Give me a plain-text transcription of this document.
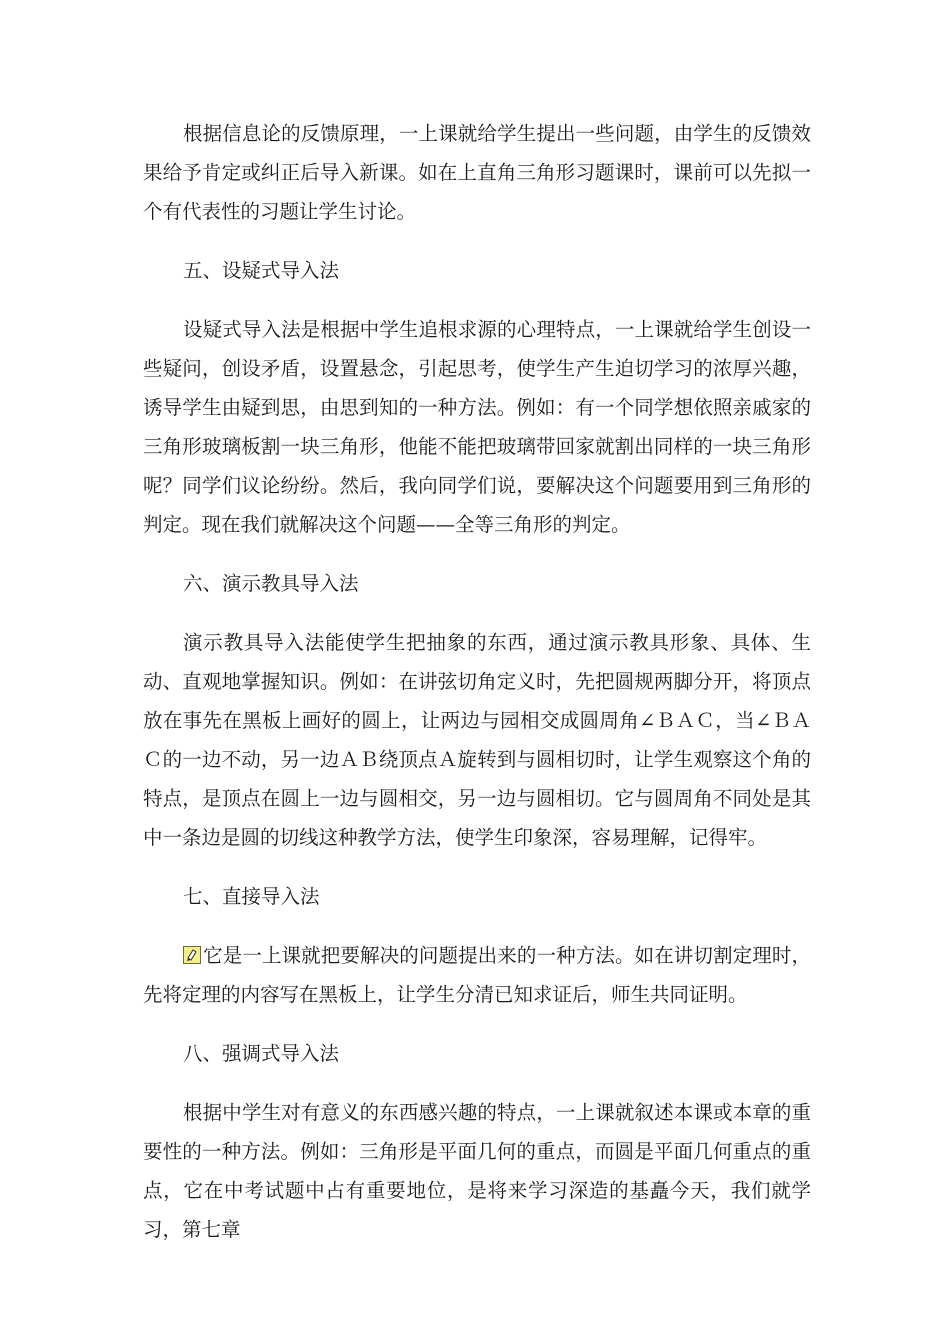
根据信息论的反馈原理，一上课就给学生提出一些问题，由学生的反馈效果给予肯定或纠正后导入新课。如在上直角三角形习题课时，课前可以先拟一个有代表性的习题让学生讨论。

五、设疑式导入法

设疑式导入法是根据中学生追根求源的心理特点，一上课就给学生创设一些疑问，创设矛盾，设置悬念，引起思考，使学生产生迫切学习的浓厚兴趣，诱导学生由疑到思，由思到知的一种方法。例如：有一个同学想依照亲戚家的三角形玻璃板割一块三角形，他能不能把玻璃带回家就割出同样的一块三角形呢？同学们议论纷纷。然后，我向同学们说，要解决这个问题要用到三角形的判定。现在我们就解决这个问题——全等三角形的判定。

六、演示教具导入法

演示教具导入法能使学生把抽象的东西，通过演示教具形象、具体、生动、直观地掌握知识。例如：在讲弦切角定义时，先把圆规两脚分开，将顶点放在事先在黑板上画好的圆上，让两边与园相交成圆周角∠ＢＡＣ，当∠ＢＡＣ的一边不动，另一边ＡＢ绕顶点Ａ旋转到与圆相切时，让学生观察这个角的特点，是顶点在圆上一边与圆相交，另一边与圆相切。它与圆周角不同处是其中一条边是圆的切线这种教学方法，使学生印象深，容易理解，记得牢。

七、直接导入法

它是一上课就把要解决的问题提出来的一种方法。如在讲切割定理时，先将定理的内容写在黑板上，让学生分清已知求证后，师生共同证明。

八、强调式导入法

根据中学生对有意义的东西感兴趣的特点，一上课就叙述本课或本章的重要性的一种方法。例如：三角形是平面几何的重点，而圆是平面几何重点的重点，它在中考试题中占有重要地位，是将来学习深造的基矗今天，我们就学习，第七章
